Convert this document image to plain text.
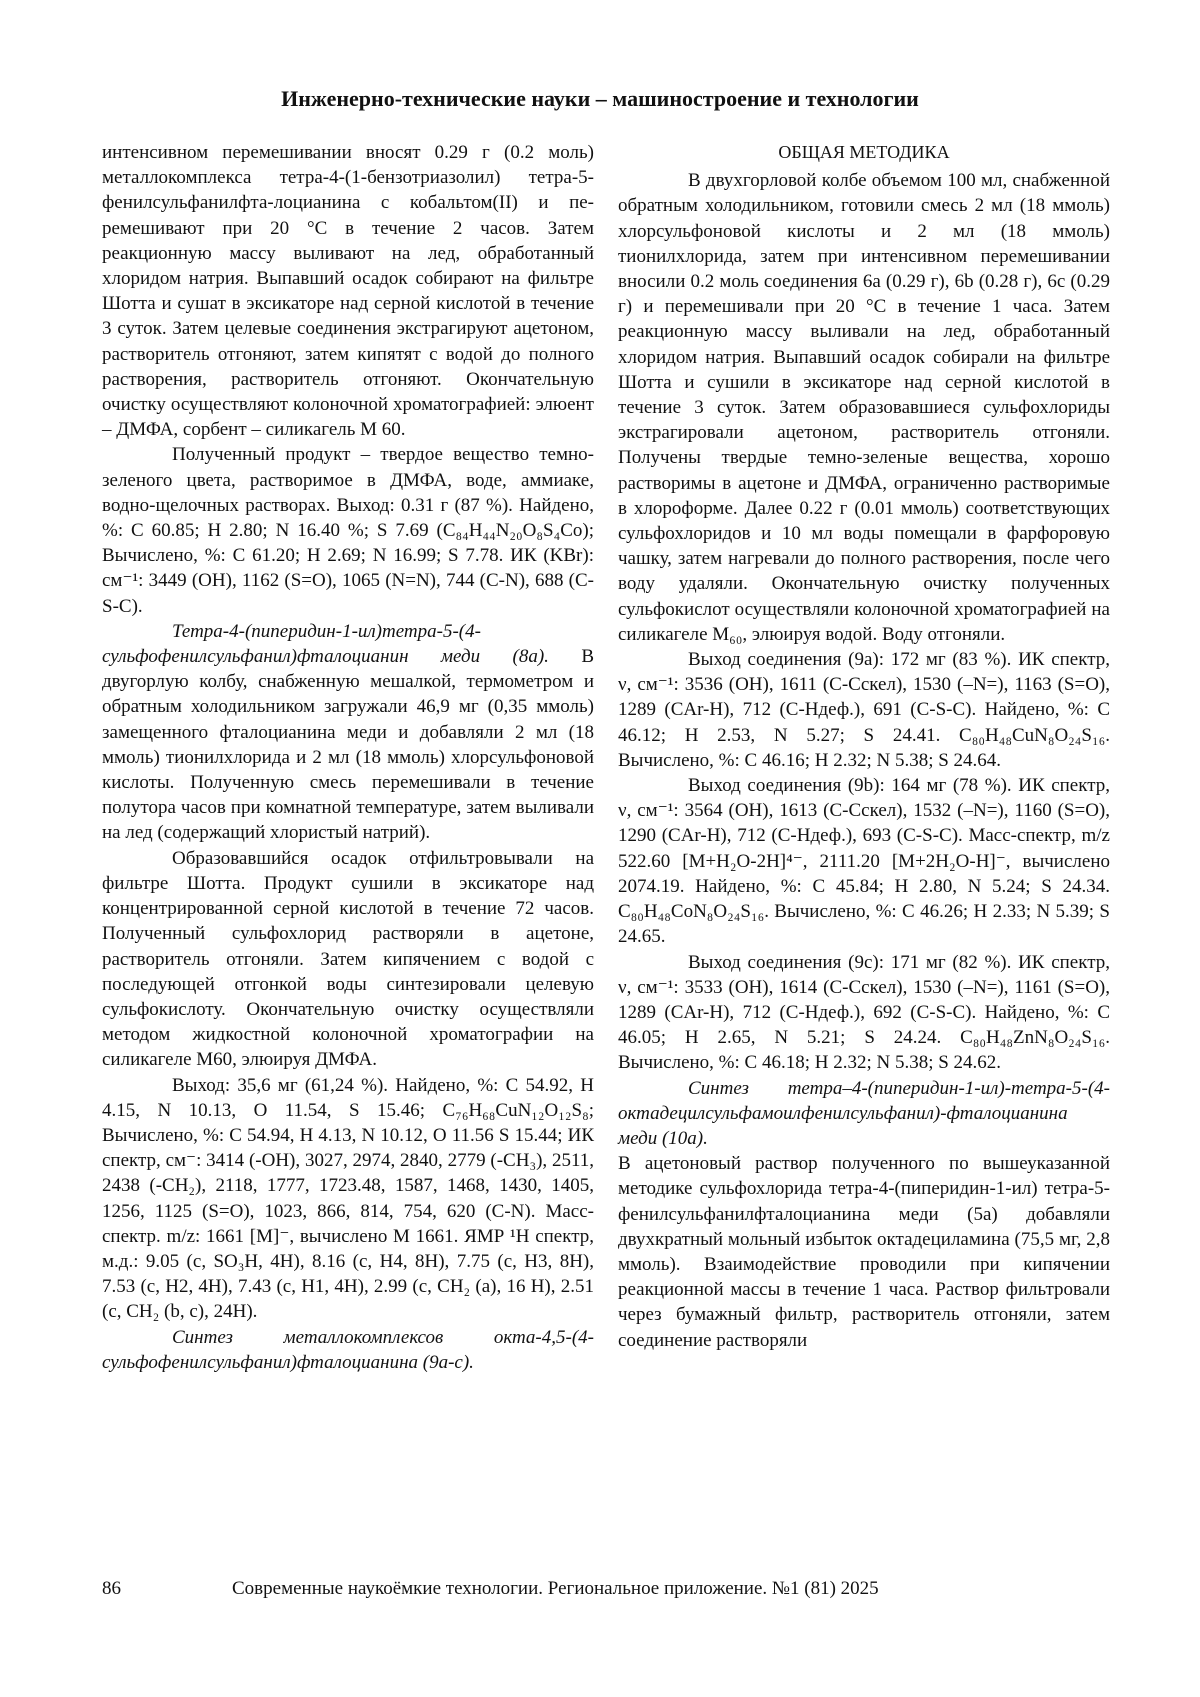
Инженерно-технические науки – машиностроение и технологии

интенсивном перемешивании вносят 0.29 г (0.2 моль) металлокомплекса тетра-4-(1-бензотриазолил) тетра-5-фенилсульфанилфта-лоцианина с кобальтом(II) и пе-ремешивают при 20 °С в течение 2 часов. Затем реакционную массу выливают на лед, обработанный хлоридом натрия. Выпавший осадок собирают на фильтре Шотта и сушат в эксикаторе над серной кислотой в течение 3 суток. Затем целевые соединения экстрагируют ацетоном, растворитель отгоняют, затем кипятят с водой до полного растворения, растворитель отгоняют. Окончательную очистку осуществляют колоночной хроматографией: элюент – ДМФА, сорбент – силикагель М 60.

Полученный продукт – твердое вещество темно-зеленого цвета, растворимое в ДМФА, воде, аммиаке, водно-щелочных растворах. Выход: 0.31 г (87 %). Найдено, %: C 60.85; H 2.80; N 16.40 %; S 7.69 (C₈₄H₄₄N₂₀O₈S₄Co); Вычислено, %: C 61.20; H 2.69; N 16.99; S 7.78. ИК (KBr): см⁻¹: 3449 (OH), 1162 (S=O), 1065 (N=N), 744 (C-N), 688 (C-S-C).

Тетра-4-(пиперидин-1-ил)тетра-5-(4-сульфофенилсульфанил)фталоцианин меди (8а). В двугорлую колбу, снабженную мешалкой, термометром и обратным холодильником загружали 46,9 мг (0,35 ммоль) замещенного фталоцианина меди и добавляли 2 мл (18 ммоль) тионилхлорида и 2 мл (18 ммоль) хлорсульфоновой кислоты. Полученную смесь перемешивали в течение полутора часов при комнатной температуре, затем выливали на лед (содержащий хлористый натрий).

Образовавшийся осадок отфильтровывали на фильтре Шотта. Продукт сушили в эксикаторе над концентрированной серной кислотой в течение 72 часов. Полученный сульфохлорид растворяли в ацетоне, растворитель отгоняли. Затем кипячением с водой с последующей отгонкой воды синтезировали целевую сульфокислоту. Окончательную очистку осуществляли методом жидкостной колоночной хроматографии на силикагеле М60, элюируя ДМФА.

Выход: 35,6 мг (61,24 %). Найдено, %: C 54.92, H 4.15, N 10.13, O 11.54, S 15.46; C₇₆H₆₈CuN₁₂O₁₂S₈; Вычислено, %: C 54.94, H 4.13, N 10.12, O 11.56 S 15.44; ИК спектр, см⁻: 3414 (-OH), 3027, 2974, 2840, 2779 (-CH₃), 2511, 2438 (-CH₂), 2118, 1777, 1723.48, 1587, 1468, 1430, 1405, 1256, 1125 (S=O), 1023, 866, 814, 754, 620 (C-N). Масс-спектр. m/z: 1661 [M]⁻, вычислено М 1661. ЯМР ¹Н спектр, м.д.: 9.05 (с, SO₃H, 4H), 8.16 (с, H4, 8H), 7.75 (с, H3, 8H), 7.53 (с, H2, 4H), 7.43 (с, H1, 4H), 2.99 (с, CH₂ (a), 16 H), 2.51 (с, CH₂ (b, c), 24H).

Синтез металлокомплексов окта-4,5-(4-сульфофенилсульфанил)фталоцианина (9а-с).

ОБЩАЯ МЕТОДИКА

В двухгорловой колбе объемом 100 мл, снабженной обратным холодильником, готовили смесь 2 мл (18 ммоль) хлорсульфоновой кислоты и 2 мл (18 ммоль) тионилхлорида, затем при интенсивном перемешивании вносили 0.2 моль соединения 6a (0.29 г), 6b (0.28 г), 6c (0.29 г) и перемешивали при 20 °С в течение 1 часа. Затем реакционную массу выливали на лед, обработанный хлоридом натрия. Выпавший осадок собирали на фильтре Шотта и сушили в эксикаторе над серной кислотой в течение 3 суток. Затем образовавшиеся сульфохлориды экстрагировали ацетоном, растворитель отгоняли. Получены твердые темно-зеленые вещества, хорошо растворимы в ацетоне и ДМФА, ограниченно растворимые в хлороформе. Далее 0.22 г (0.01 ммоль) соответствующих сульфохлоридов и 10 мл воды помещали в фарфоровую чашку, затем нагревали до полного растворения, после чего воду удаляли. Окончательную очистку полученных сульфокислот осуществляли колоночной хроматографией на силикагеле M₆₀, элюируя водой. Воду отгоняли.

Выход соединения (9a): 172 мг (83 %). ИК спектр, ν, см⁻¹: 3536 (OH), 1611 (C-Cскел), 1530 (–N=), 1163 (S=O), 1289 (CAr-H), 712 (C-Hдеф.), 691 (C-S-C). Найдено, %: C 46.12; H 2.53, N 5.27; S 24.41. C₈₀H₄₈CuN₈O₂₄S₁₆. Вычислено, %: C 46.16; H 2.32; N 5.38; S 24.64.

Выход соединения (9b): 164 мг (78 %). ИК спектр, ν, см⁻¹: 3564 (OH), 1613 (C-Cскел), 1532 (–N=), 1160 (S=O), 1290 (CAr-H), 712 (C-Hдеф.), 693 (C-S-C). Масс-спектр, m/z 522.60 [M+H₂O-2H]⁴⁻, 2111.20 [M+2H₂O-H]⁻, вычислено 2074.19. Найдено, %: C 45.84; H 2.80, N 5.24; S 24.34. C₈₀H₄₈CoN₈O₂₄S₁₆. Вычислено, %: C 46.26; H 2.33; N 5.39; S 24.65.

Выход соединения (9c): 171 мг (82 %). ИК спектр, ν, см⁻¹: 3533 (OH), 1614 (C-Cскел), 1530 (–N=), 1161 (S=O), 1289 (CAr-H), 712 (C-Hдеф.), 692 (C-S-C). Найдено, %: C 46.05; H 2.65, N 5.21; S 24.24. C₈₀H₄₈ZnN₈O₂₄S₁₆. Вычислено, %: C 46.18; H 2.32; N 5.38; S 24.62.

Синтез тетра–4-(пиперидин-1-ил)-тетра-5-(4-октадецилсульфамоилфенилсульфанил)-фталоцианина меди (10a).

В ацетоновый раствор полученного по вышеуказанной методике сульфохлорида тетра-4-(пиперидин-1-ил) тетра-5-фенилсульфанилфталоцианина меди (5a) добавляли двухкратный мольный избыток октадециламина (75,5 мг, 2,8 ммоль). Взаимодействие проводили при кипячении реакционной массы в течение 1 часа. Раствор фильтровали через бумажный фильтр, растворитель отгоняли, затем соединение растворяли

86	Современные наукоёмкие технологии. Региональное приложение. №1 (81) 2025
